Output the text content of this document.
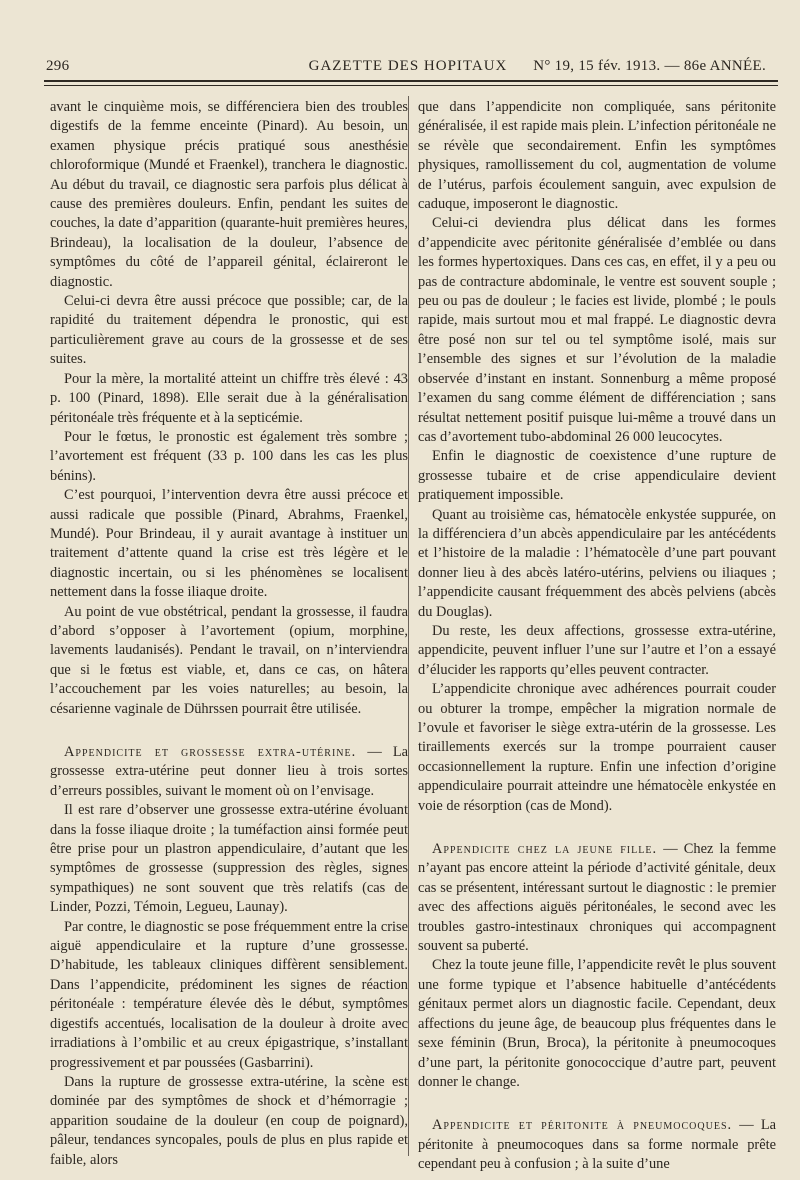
296	GAZETTE DES HOPITAUX	N° 19, 15 fév. 1913. — 86e ANNÉE.

avant le cinquième mois, se différenciera bien des troubles digestifs de la femme enceinte (Pinard). Au besoin, un examen physique précis pratiqué sous anesthésie chloroformique (Mundé et Fraenkel), tranchera le diagnostic. Au début du travail, ce diagnostic sera parfois plus délicat à cause des premières douleurs. Enfin, pendant les suites de couches, la date d’apparition (quarante-huit premières heures, Brindeau), la localisation de la douleur, l’absence de symptômes du côté de l’appareil génital, éclaireront le diagnostic.

Celui-ci devra être aussi précoce que possible; car, de la rapidité du traitement dépendra le pronostic, qui est particulièrement grave au cours de la grossesse et de ses suites.

Pour la mère, la mortalité atteint un chiffre très élevé : 43 p. 100 (Pinard, 1898). Elle serait due à la généralisation péritonéale très fréquente et à la septicémie.

Pour le fœtus, le pronostic est également très sombre ; l’avortement est fréquent (33 p. 100 dans les cas les plus bénins).

C’est pourquoi, l’intervention devra être aussi précoce et aussi radicale que possible (Pinard, Abrahms, Fraenkel, Mundé). Pour Brindeau, il y aurait avantage à instituer un traitement d’attente quand la crise est très légère et le diagnostic incertain, ou si les phénomènes se localisent nettement dans la fosse iliaque droite.

Au point de vue obstétrical, pendant la grossesse, il faudra d’abord s’opposer à l’avortement (opium, morphine, lavements laudanisés). Pendant le travail, on n’interviendra que si le fœtus est viable, et, dans ce cas, on hâtera l’accouchement par les voies naturelles; au besoin, la césarienne vaginale de Dührssen pourrait être utilisée.

Appendicite et grossesse extra-utérine. — La grossesse extra-utérine peut donner lieu à trois sortes d’erreurs possibles, suivant le moment où on l’envisage.

Il est rare d’observer une grossesse extra-utérine évoluant dans la fosse iliaque droite ; la tuméfaction ainsi formée peut être prise pour un plastron appendiculaire, d’autant que les symptômes de grossesse (suppression des règles, signes sympathiques) ne sont souvent que très relatifs (cas de Linder, Pozzi, Témoin, Legueu, Launay).

Par contre, le diagnostic se pose fréquemment entre la crise aiguë appendiculaire et la rupture d’une grossesse. D’habitude, les tableaux cliniques diffèrent sensiblement. Dans l’appendicite, prédominent les signes de réaction péritonéale : température élevée dès le début, symptômes digestifs accentués, localisation de la douleur à droite avec irradiations à l’ombilic et au creux épigastrique, s’installant progressivement et par poussées (Gasbarrini).

Dans la rupture de grossesse extra-utérine, la scène est dominée par des symptômes de shock et d’hémorragie ; apparition soudaine de la douleur (en coup de poignard), pâleur, tendances syncopales, pouls de plus en plus rapide et faible, alors

que dans l’appendicite non compliquée, sans péritonite généralisée, il est rapide mais plein. L’infection péritonéale ne se révèle que secondairement. Enfin les symptômes physiques, ramollissement du col, augmentation de volume de l’utérus, parfois écoulement sanguin, avec expulsion de caduque, imposeront le diagnostic.

Celui-ci deviendra plus délicat dans les formes d’appendicite avec péritonite généralisée d’emblée ou dans les formes hypertoxiques. Dans ces cas, en effet, il y a peu ou pas de contracture abdominale, le ventre est souvent souple ; peu ou pas de douleur ; le facies est livide, plombé ; le pouls rapide, mais surtout mou et mal frappé. Le diagnostic devra être posé non sur tel ou tel symptôme isolé, mais sur l’ensemble des signes et sur l’évolution de la maladie observée d’instant en instant. Sonnenburg a même proposé l’examen du sang comme élément de différenciation ; sans résultat nettement positif puisque lui-même a trouvé dans un cas d’avortement tubo-abdominal 26 000 leucocytes.

Enfin le diagnostic de coexistence d’une rupture de grossesse tubaire et de crise appendiculaire devient pratiquement impossible.

Quant au troisième cas, hématocèle enkystée suppurée, on la différenciera d’un abcès appendiculaire par les antécédents et l’histoire de la maladie : l’hématocèle d’une part pouvant donner lieu à des abcès latéro-utérins, pelviens ou iliaques ; l’appendicite causant fréquemment des abcès pelviens (abcès du Douglas).

Du reste, les deux affections, grossesse extra-utérine, appendicite, peuvent influer l’une sur l’autre et l’on a essayé d’élucider les rapports qu’elles peuvent contracter.

L’appendicite chronique avec adhérences pourrait couder ou obturer la trompe, empêcher la migration normale de l’ovule et favoriser le siège extra-utérin de la grossesse. Les tiraillements exercés sur la trompe pourraient causer occasionnellement la rupture. Enfin une infection d’origine appendiculaire pourrait atteindre une hématocèle enkystée en voie de résorption (cas de Mond).

Appendicite chez la jeune fille. — Chez la femme n’ayant pas encore atteint la période d’activité génitale, deux cas se présentent, intéressant surtout le diagnostic : le premier avec des affections aiguës péritonéales, le second avec les troubles gastro-intestinaux chroniques qui accompagnent souvent sa puberté.

Chez la toute jeune fille, l’appendicite revêt le plus souvent une forme typique et l’absence habituelle d’antécédents génitaux permet alors un diagnostic facile. Cependant, deux affections du jeune âge, de beaucoup plus fréquentes dans le sexe féminin (Brun, Broca), la péritonite à pneumocoques d’une part, la péritonite gonococcique d’autre part, peuvent donner le change.

Appendicite et péritonite à pneumocoques. — La péritonite à pneumocoques dans sa forme normale prête cependant peu à confusion ; à la suite d’une
